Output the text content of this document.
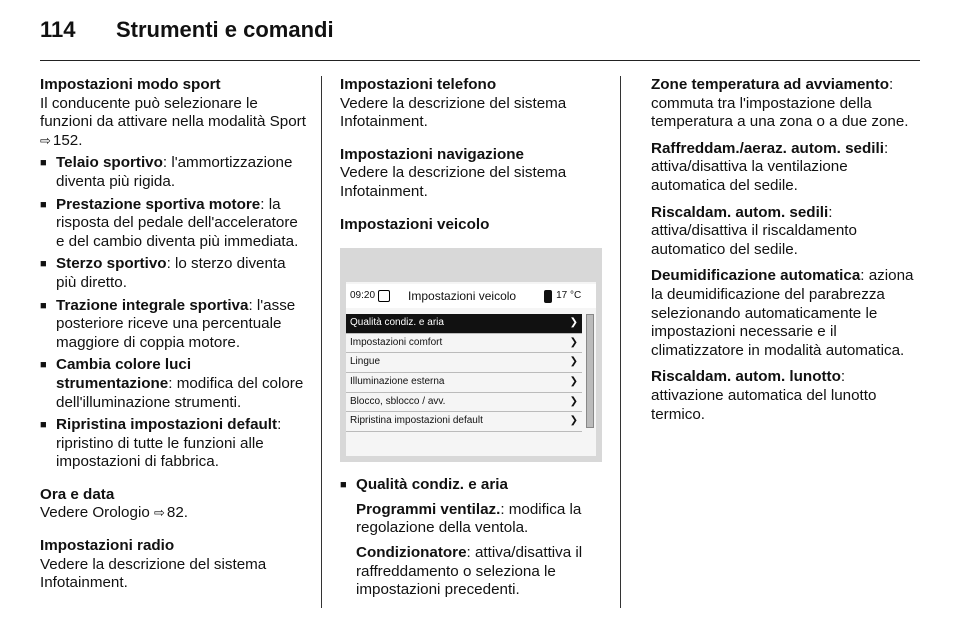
114	Strumenti e comandi

Impostazioni modo sport

Il conducente può selezionare le funzioni da attivare nella modalità Sport ⇨ 152.

■ Telaio sportivo: l'ammortizzazione diventa più rigida.
■ Prestazione sportiva motore: la risposta del pedale dell'acceleratore e del cambio diventa più immediata.
■ Sterzo sportivo: lo sterzo diventa più diretto.
■ Trazione integrale sportiva: l'asse posteriore riceve una percentuale maggiore di coppia motore.
■ Cambia colore luci strumentazione: modifica del colore dell'illuminazione strumenti.
■ Ripristina impostazioni default: ripristino di tutte le funzioni alle impostazioni di fabbrica.

Ora e data

Vedere Orologio ⇨ 82.

Impostazioni radio

Vedere la descrizione del sistema Infotainment.

Impostazioni telefono

Vedere la descrizione del sistema Infotainment.

Impostazioni navigazione

Vedere la descrizione del sistema Infotainment.

Impostazioni veicolo

09:20	Impostazioni veicolo	17 °C
Qualità condiz. e aria	❯
Impostazioni comfort	❯
Lingue	❯
Illuminazione esterna	❯
Blocco, sblocco / avv.	❯
Ripristina impostazioni default	❯
■ Qualità condiz. e aria

Programmi ventilaz.: modifica la regolazione della ventola.

Condizionatore: attiva/disattiva il raffreddamento o seleziona le impostazioni precedenti.

Zone temperatura ad avviamento: commuta tra l'impostazione della temperatura a una zona o a due zone.

Raffreddam./aeraz. autom. sedili: attiva/disattiva la ventilazione automatica del sedile.

Riscaldam. autom. sedili: attiva/disattiva il riscaldamento automatico del sedile.

Deumidificazione automatica: aziona la deumidificazione del parabrezza selezionando automaticamente le impostazioni necessarie e il climatizzatore in modalità automatica.

Riscaldam. autom. lunotto: attivazione automatica del lunotto termico.
